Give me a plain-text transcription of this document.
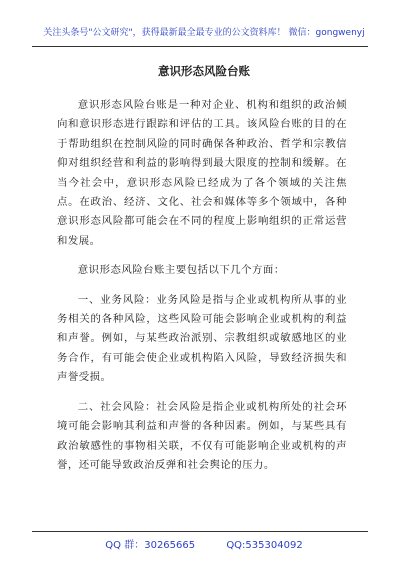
关注头条号"公文研究"，获得最新最全最专业的公文资料库！ 微信：gongwenyj
意识形态风险台账

意识形态风险台账是一种对企业、机构和组织的政治倾向和意识形态进行跟踪和评估的工具。该风险台账的目的在于帮助组织在控制风险的同时确保各种政治、哲学和宗教信仰对组织经营和利益的影响得到最大限度的控制和缓解。在当今社会中，意识形态风险已经成为了各个领域的关注焦点。在政治、经济、文化、社会和媒体等多个领域中，各种意识形态风险都可能会在不同的程度上影响组织的正常运营和发展。

意识形态风险台账主要包括以下几个方面：

一、业务风险：业务风险是指与企业或机构所从事的业务相关的各种风险，这些风险可能会影响企业或机构的利益和声誉。例如，与某些政治派别、宗教组织或敏感地区的业务合作，有可能会使企业或机构陷入风险，导致经济损失和声誉受损。

二、社会风险：社会风险是指企业或机构所处的社会环境可能会影响其利益和声誉的各种因素。例如，与某些具有政治敏感性的事物相关联，不仅有可能影响企业或机构的声誉，还可能导致政治反弹和社会舆论的压力。

QQ 群：30265665	QQ:535304092
